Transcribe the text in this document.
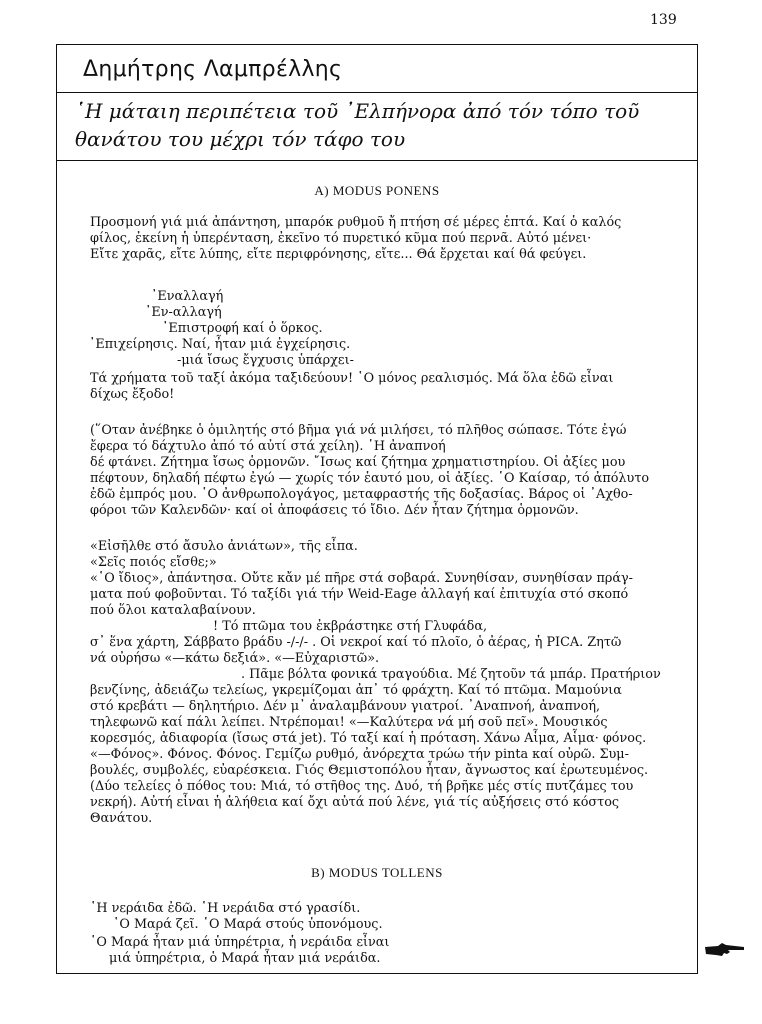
139
Δημήτρης Λαμπρέλλης
῾Η μάταιη περιπέτεια τοῦ ᾿Ελπήνορα ἀπό τόν τόπο τοῦ
θανάτου του μέχρι τόν τάφο του
A) MODUS PONENS
Προσμονή γιά μιά ἀπάντηση, μπαρόκ ρυθμοῦ ἤ πτήση σέ μέρες ἑπτά. Καί ὁ καλός
φίλος, ἐκείνη ἡ ὑπερένταση, ἐκεῖνο τό πυρετικό κῦμα πού περνᾶ. Αὐτό μένει·
Εἴτε χαρᾶς, εἴτε λύπης, εἴτε περιφρόνησης, εἴτε... Θά ἔρχεται καί θά φεύγει.
᾿Εναλλαγή
᾿Εν-αλλαγή
᾿Επιστροφή καί ὁ ὅρκος.
᾿Επιχείρησις. Ναί, ἦταν μιά ἐγχείρησις.
-μιά ἴσως ἔγχυσις ὑπάρχει-
Τά χρήματα τοῦ ταξί ἀκόμα ταξιδεύουν! ῾Ο μόνος ρεαλισμός. Μά ὅλα ἐδῶ εἶναι
δίχως ἔξοδο!
(῞Οταν ἀνέβηκε ὁ ὁμιλητής στό βῆμα γιά νά μιλήσει, τό πλῆθος σώπασε. Τότε ἐγώ
ἔφερα τό δάχτυλο ἀπό τό αὐτί στά χείλη). ῾Η ἀναπνοή
δέ φτάνει. Ζήτημα ἴσως ὁρμονῶν. ῎Ισως καί ζήτημα χρηματιστηρίου. Οἱ ἀξίες μου
πέφτουν, δηλαδή πέφτω ἐγώ — χωρίς τόν ἑαυτό μου, οἱ ἀξίες. ῾Ο Καίσαρ, τό ἀπόλυτο
ἐδῶ ἐμπρός μου. ῾Ο ἀνθρωπολογάγος, μεταφραστής τῆς δοξασίας. Βάρος οἱ ᾿Αχθο-
φόροι τῶν Καλενδῶν· καί οἱ ἀποφάσεις τό ἴδιο. Δέν ἦταν ζήτημα ὁρμονῶν.
«Εἰσῆλθε στό ἄσυλο ἀνιάτων», τῆς εἶπα.
«Σεῖς ποιός εἴσθε;»
«῾Ο ἴδιος», ἀπάντησα. Οὔτε κἄν μέ πῆρε στά σοβαρά. Συνηθίσαν, συνηθίσαν πράγ-
ματα πού φοβοῦνται. Τό ταξίδι γιά τήν Weid-Eage ἀλλαγή καί ἐπιτυχία στό σκοπό
πού ὅλοι καταλαβαίνουν.
! Τό πτῶμα του ἐκβράστηκε στή Γλυφάδα,
σ᾿ ἕνα χάρτη, Σάββατο βράδυ -/-/- . Οἱ νεκροί καί τό πλοῖο, ὁ ἀέρας, ἡ PICA. Ζητῶ
νά οὐρήσω «—κάτω δεξιά». «—Εὐχαριστῶ».
. Πᾶμε βόλτα φονικά τραγούδια. Μέ ζητοῦν τά μπάρ. Πρατήριον
βενζίνης, ἀδειάζω τελείως, γκρεμίζομαι ἀπ᾿ τό φράχτη. Καί τό πτῶμα. Μαμούνια
στό κρεβάτι — δηλητήριο. Δέν μ᾿ ἀναλαμβάνουν γιατροί. ᾿Αναπνοή, ἀναπνοή,
τηλεφωνῶ καί πάλι λείπει. Ντρέπομαι! «—Καλύτερα νά μή σοῦ πεῖ». Μουσικός
κορεσμός, ἀδιαφορία (ἴσως στά jet). Τό ταξί καί ἡ πρόταση. Χάνω Αἷμα, Αἷμα· φόνος.
«—Φόνος». Φόνος. Φόνος. Γεμίζω ρυθμό, ἀνόρεχτα τρώω τήν pinta καί οὐρῶ. Συμ-
βουλές, συμβολές, εὐαρέσκεια. Γιός Θεμιστοπόλου ἦταν, ἄγνωστος καί ἐρωτευμένος.
(Δύο τελείες ὁ πόθος του: Μιά, τό στῆθος της. Δυό, τή βρῆκε μές στίς πυτζάμες του
νεκρή). Αὐτή εἶναι ἡ ἀλήθεια καί ὄχι αὐτά πού λένε, γιά τίς αὐξήσεις στό κόστος
Θανάτου.
B) MODUS TOLLENS
῾Η νεράιδα ἐδῶ. ῾Η νεράιδα στό γρασίδι.
῾Ο Μαρά ζεῖ. ῾Ο Μαρά στούς ὑπονόμους.
῾Ο Μαρά ἦταν μιά ὑπηρέτρια, ἡ νεράιδα εἶναι
μιά ὑπηρέτρια, ὁ Μαρά ἦταν μιά νεράιδα.
